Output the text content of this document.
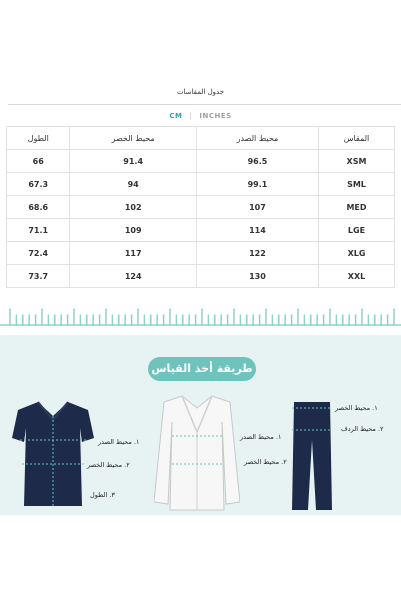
جدول المقاسات
CM | INCHES
الطول	محيط الخصر	محيط الصدر	المقاس
66	91.4	96.5	XSM
67.3	94	99.1	SML
68.6	102	107	MED
71.1	109	114	LGE
72.4	117	122	XLG
73.7	124	130	XXL
طريقة أخذ القياس
١. محيط الصدر
٢. محيط الخصر
٣. الطول
١. محيط الصدر
٢. محيط الخصر
١. محيط الخصر
٢. محيط الردف
